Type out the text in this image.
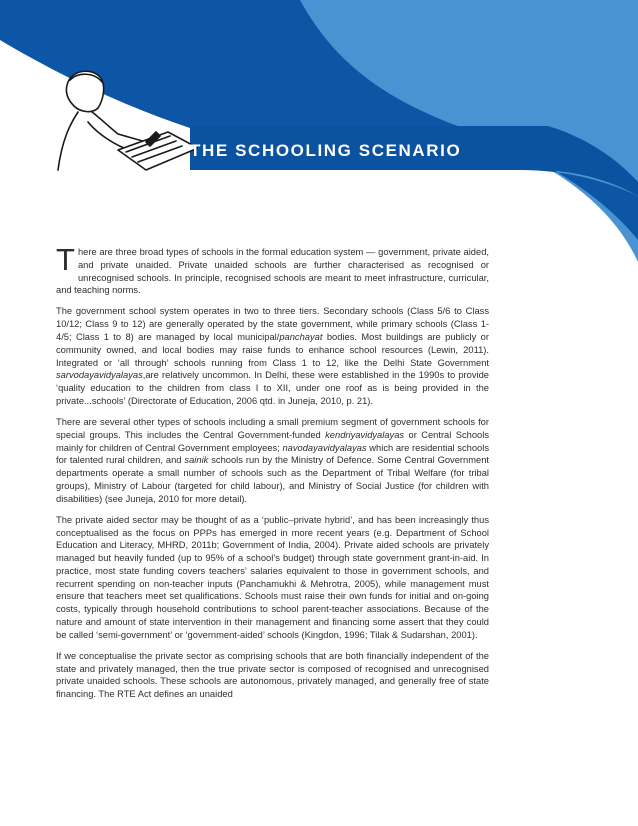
THE SCHOOLING SCENARIO

There are three broad types of schools in the formal education system — government, private aided, and private unaided. Private unaided schools are further characterised as recognised or unrecognised schools. In principle, recognised schools are meant to meet infrastructure, curricular, and teaching norms.

The government school system operates in two to three tiers. Secondary schools (Class 5/6 to Class 10/12; Class 9 to 12) are generally operated by the state government, while primary schools (Class 1-4/5; Class 1 to 8) are managed by local municipal/panchayat bodies. Most buildings are publicly or community owned, and local bodies may raise funds to enhance school resources (Lewin, 2011). Integrated or ‘all through’ schools running from Class 1 to 12, like the Delhi State Government sarvodayavidyalayas,are relatively uncommon. In Delhi, these were established in the 1990s to provide ‘quality education to the children from class I to XII, under one roof as is being provided in the private...schools’ (Directorate of Education, 2006 qtd. in Juneja, 2010, p. 21).

There are several other types of schools including a small premium segment of government schools for special groups. This includes the Central Government-funded kendriyavidyalayas or Central Schools mainly for children of Central Government employees; navodayavidyalayas which are residential schools for talented rural children, and sainik schools run by the Ministry of Defence. Some Central Government departments operate a small number of schools such as the Department of Tribal Welfare (for tribal groups), Ministry of Labour (targeted for child labour), and Ministry of Social Justice (for children with disabilities) (see Juneja, 2010 for more detail).

The private aided sector may be thought of as a ‘public–private hybrid’, and has been increasingly thus conceptualised as the focus on PPPs has emerged in more recent years (e.g. Department of School Education and Literacy, MHRD, 2011b; Government of India, 2004). Private aided schools are privately managed but heavily funded (up to 95% of a school’s budget) through state government grant-in-aid. In practice, most state funding covers teachers’ salaries equivalent to those in government schools, and recurrent spending on non-teacher inputs (Panchamukhi & Mehrotra, 2005), while management must ensure that teachers meet set qualifications. Schools must raise their own funds for initial and on-going costs, typically through household contributions to school parent-teacher associations. Because of the nature and amount of state intervention in their management and financing some assert that they could be called ‘semi-government’ or ‘government-aided’ schools (Kingdon, 1996; Tilak & Sudarshan, 2001).

If we conceptualise the private sector as comprising schools that are both financially independent of the state and privately managed, then the true private sector is composed of recognised and unrecognised private unaided schools. These schools are autonomous, privately managed, and generally free of state financing. The RTE Act defines an unaided
